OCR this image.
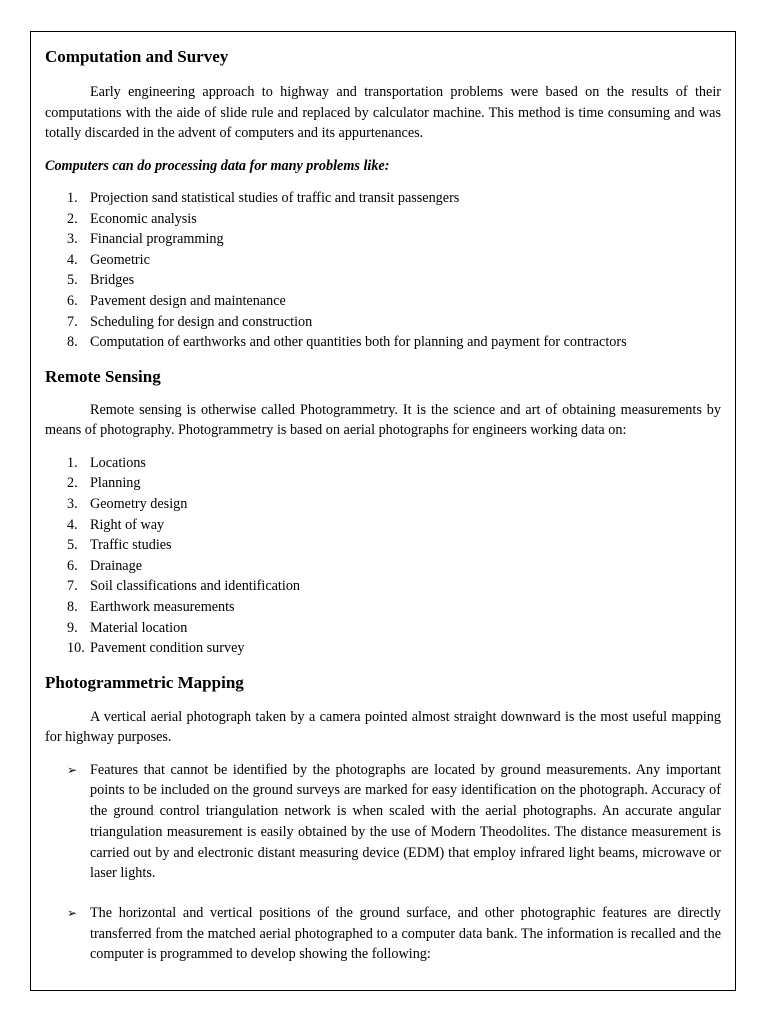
Computation and Survey

Early engineering approach to highway and transportation problems were based on the results of their computations with the aide of slide rule and replaced by calculator machine. This method is time consuming and was totally discarded in the advent of computers and its appurtenances.

Computers can do processing data for many problems like:

1. Projection sand statistical studies of traffic and transit passengers
2. Economic analysis
3. Financial programming
4. Geometric
5. Bridges
6. Pavement design and maintenance
7. Scheduling for design and construction
8. Computation of earthworks and other quantities both for planning and payment for contractors
Remote Sensing

Remote sensing is otherwise called Photogrammetry. It is the science and art of obtaining measurements by means of photography. Photogrammetry is based on aerial photographs for engineers working data on:

1. Locations
2. Planning
3. Geometry design
4. Right of way
5. Traffic studies
6. Drainage
7. Soil classifications and identification
8. Earthwork measurements
9. Material location
10. Pavement condition survey
Photogrammetric Mapping

A vertical aerial photograph taken by a camera pointed almost straight downward is the most useful mapping for highway purposes.

➢ Features that cannot be identified by the photographs are located by ground measurements. Any important points to be included on the ground surveys are marked for easy identification on the photograph. Accuracy of the ground control triangulation network is when scaled with the aerial photographs. An accurate angular triangulation measurement is easily obtained by the use of Modern Theodolites. The distance measurement is carried out by and electronic distant measuring device (EDM) that employ infrared light beams, microwave or laser lights.
➢ The horizontal and vertical positions of the ground surface, and other photographic features are directly transferred from the matched aerial photographed to a computer data bank. The information is recalled and the computer is programmed to develop showing the following:
